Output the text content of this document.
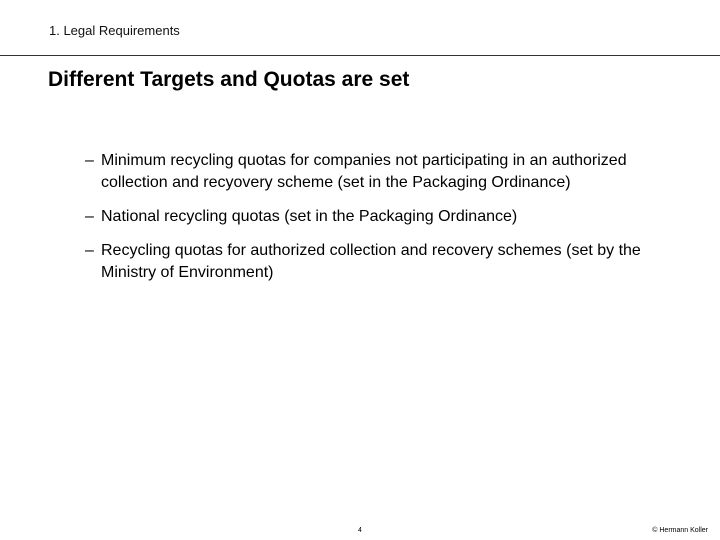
1. Legal Requirements
Different Targets and Quotas are set
– Minimum recycling quotas for companies not participating in an authorized collection and recyovery scheme (set in the Packaging Ordinance)
– National recycling quotas (set in the Packaging Ordinance)
– Recycling quotas for authorized collection and recovery schemes (set by the Ministry of Environment)
4	© Hermann Koller
